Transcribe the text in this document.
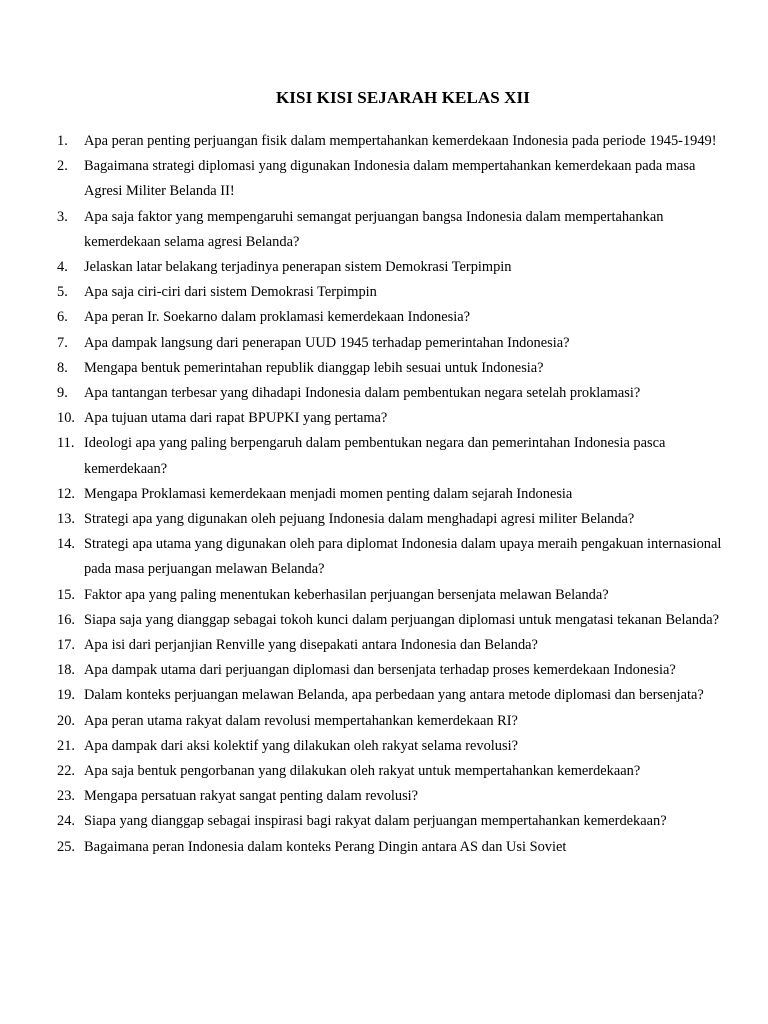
KISI KISI SEJARAH KELAS XII
1.	Apa peran penting perjuangan fisik dalam mempertahankan kemerdekaan Indonesia pada periode 1945-1949!
2.	Bagaimana strategi diplomasi yang digunakan Indonesia dalam mempertahankan kemerdekaan pada masa Agresi Militer Belanda II!
3.	Apa saja faktor yang mempengaruhi semangat perjuangan bangsa Indonesia dalam mempertahankan kemerdekaan selama agresi Belanda?
4.	Jelaskan latar belakang terjadinya penerapan sistem Demokrasi Terpimpin
5.	Apa saja ciri-ciri dari sistem Demokrasi Terpimpin
6.	Apa peran Ir. Soekarno dalam proklamasi kemerdekaan Indonesia?
7.	Apa dampak langsung dari penerapan UUD 1945 terhadap pemerintahan Indonesia?
8.	Mengapa bentuk pemerintahan republik dianggap lebih sesuai untuk Indonesia?
9.	Apa tantangan terbesar yang dihadapi Indonesia dalam pembentukan negara setelah proklamasi?
10. Apa tujuan utama dari rapat BPUPKI yang pertama?
11. Ideologi apa yang paling berpengaruh dalam pembentukan negara dan pemerintahan Indonesia pasca kemerdekaan?
12. Mengapa Proklamasi kemerdekaan menjadi momen penting dalam sejarah Indonesia
13. Strategi apa yang digunakan oleh pejuang Indonesia dalam menghadapi agresi militer Belanda?
14. Strategi apa utama yang digunakan oleh para diplomat Indonesia dalam upaya meraih pengakuan internasional pada masa perjuangan melawan Belanda?
15. Faktor apa yang paling menentukan keberhasilan perjuangan bersenjata melawan Belanda?
16. Siapa saja yang dianggap sebagai tokoh kunci dalam perjuangan diplomasi untuk mengatasi tekanan Belanda?
17. Apa isi dari perjanjian Renville yang disepakati antara Indonesia dan Belanda?
18. Apa dampak utama dari perjuangan diplomasi dan bersenjata terhadap proses kemerdekaan Indonesia?
19. Dalam konteks perjuangan melawan Belanda, apa perbedaan yang antara metode diplomasi dan bersenjata?
20. Apa peran utama rakyat dalam revolusi mempertahankan kemerdekaan RI?
21. Apa dampak dari aksi kolektif yang dilakukan oleh rakyat selama revolusi?
22. Apa saja bentuk pengorbanan yang dilakukan oleh rakyat untuk mempertahankan kemerdekaan?
23. Mengapa persatuan rakyat sangat penting dalam revolusi?
24. Siapa yang dianggap sebagai inspirasi bagi rakyat dalam perjuangan mempertahankan kemerdekaan?
25. Bagaimana peran Indonesia dalam konteks Perang Dingin antara AS dan Usi Soviet
